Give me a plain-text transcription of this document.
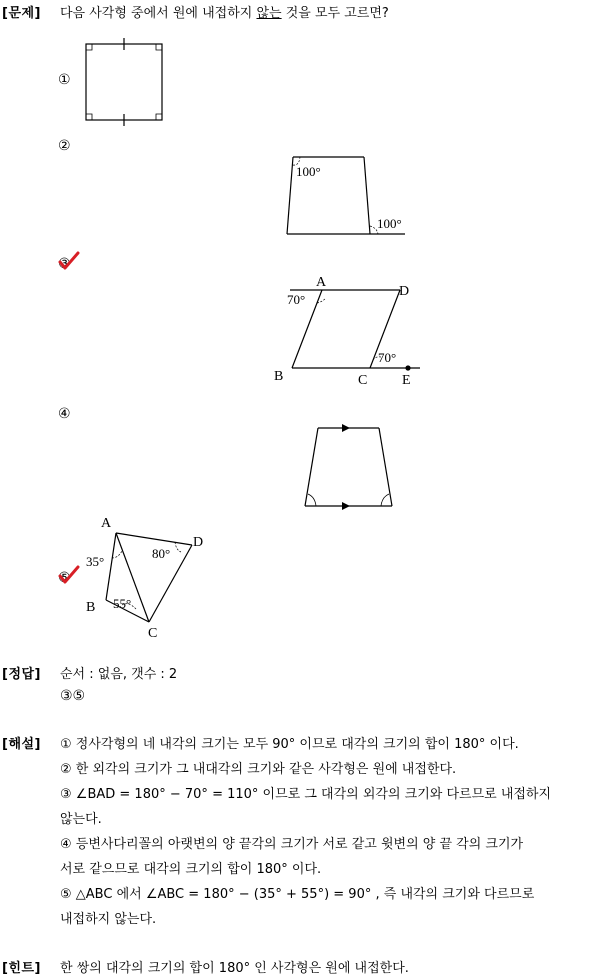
[문제] 다음 사각형 중에서 원에 내접하지 않는 것을 모두 고르면?
①
②
④
100°
100°
A
D
B	C E
70°
70°
③
A
D
B
C
35°
80°
55°
⑤
[정답] 순서 : 없음, 갯수 : 2
③⑤
[해설] ① 정사각형의 네 내각의 크기는 모두 90° 이므로 대각의 크기의 합이 180° 이다.
② 한 외각의 크기가 그 내대각의 크기와 같은 사각형은 원에 내접한다.
③ ∠BAD = 180° − 70° = 110° 이므로 그 대각의 외각의 크기와 다르므로 내접하지
않는다.
④ 등변사다리꼴의 아랫변의 양 끝각의 크기가 서로 같고 윗변의 양 끝 각의 크기가
서로 같으므로 대각의 크기의 합이 180° 이다.
⑤ △ABC 에서 ∠ABC = 180° − (35° + 55°) = 90° , 즉 내각의 크기와 다르므로
내접하지 않는다.
[힌트] 한 쌍의 대각의 크기의 합이 180° 인 사각형은 원에 내접한다.
